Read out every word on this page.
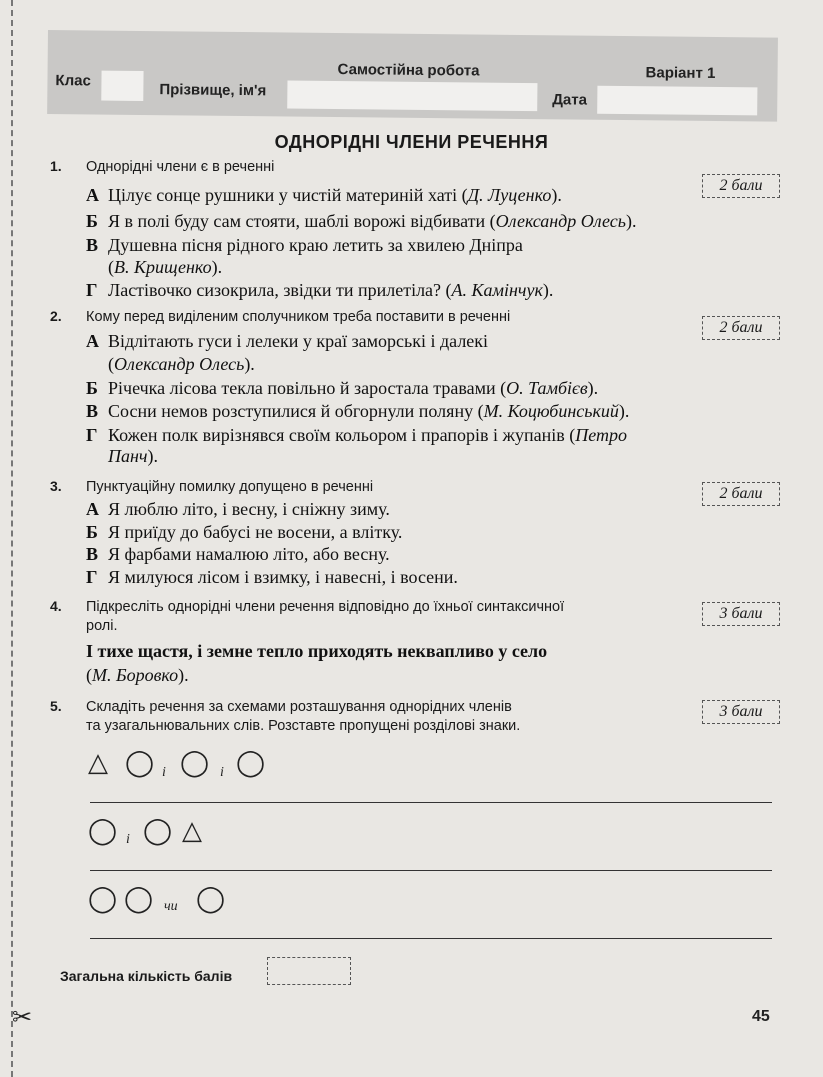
✂
Клас
Самостійна робота	Варіант 1
Прізвище, ім'я
Дата
ОДНОРІДНІ ЧЛЕНИ РЕЧЕННЯ
1. Однорідні члени є в реченні
2 бали
А Цілує сонце рушники у чистій материній хаті (Д. Луценко).
Б Я в полі буду сам стояти, шаблі ворожі відбивати (Олександр Олесь).
В Душевна пісня рідного краю летить за хвилею Дніпра
(В. Крищенко).
Г Ластівочко сизокрила, звідки ти прилетіла? (А. Камінчук).
2. Кому перед виділеним сполучником треба поставити в реченні
2 бали
А Відлітають гуси і лелеки у краї заморські і далекі
(Олександр Олесь).
Б Річечка лісова текла повільно й заростала травами (О. Тамбієв).
В Сосни немов розступилися й обгорнули поляну (М. Коцюбинський).
Г Кожен полк вирізнявся своїм кольором і прапорів і жупанів (Петро
Панч).
3. Пунктуаційну помилку допущено в реченні	2 бали
А Я люблю літо, і весну, і сніжну зиму.
Б Я приїду до бабусі не восени, а влітку.
В Я фарбами намалюю літо, або весну.
Г Я милуюся лісом і взимку, і навесні, і восени.
4. Підкресліть однорідні члени речення відповідно до їхньої синтаксичної
ролі.
3 бали
І тихе щастя, і земне тепло приходять неквапливо у село
(М. Боровко).
5. Складіть речення за схемами розташування однорідних членів
та узагальнювальних слів. Розставте пропущені розділові знаки.
3 бали
△ ◯ і ◯ і ◯
◯ і ◯ △
◯ ◯ чи ◯
Загальна кількість балів
45
